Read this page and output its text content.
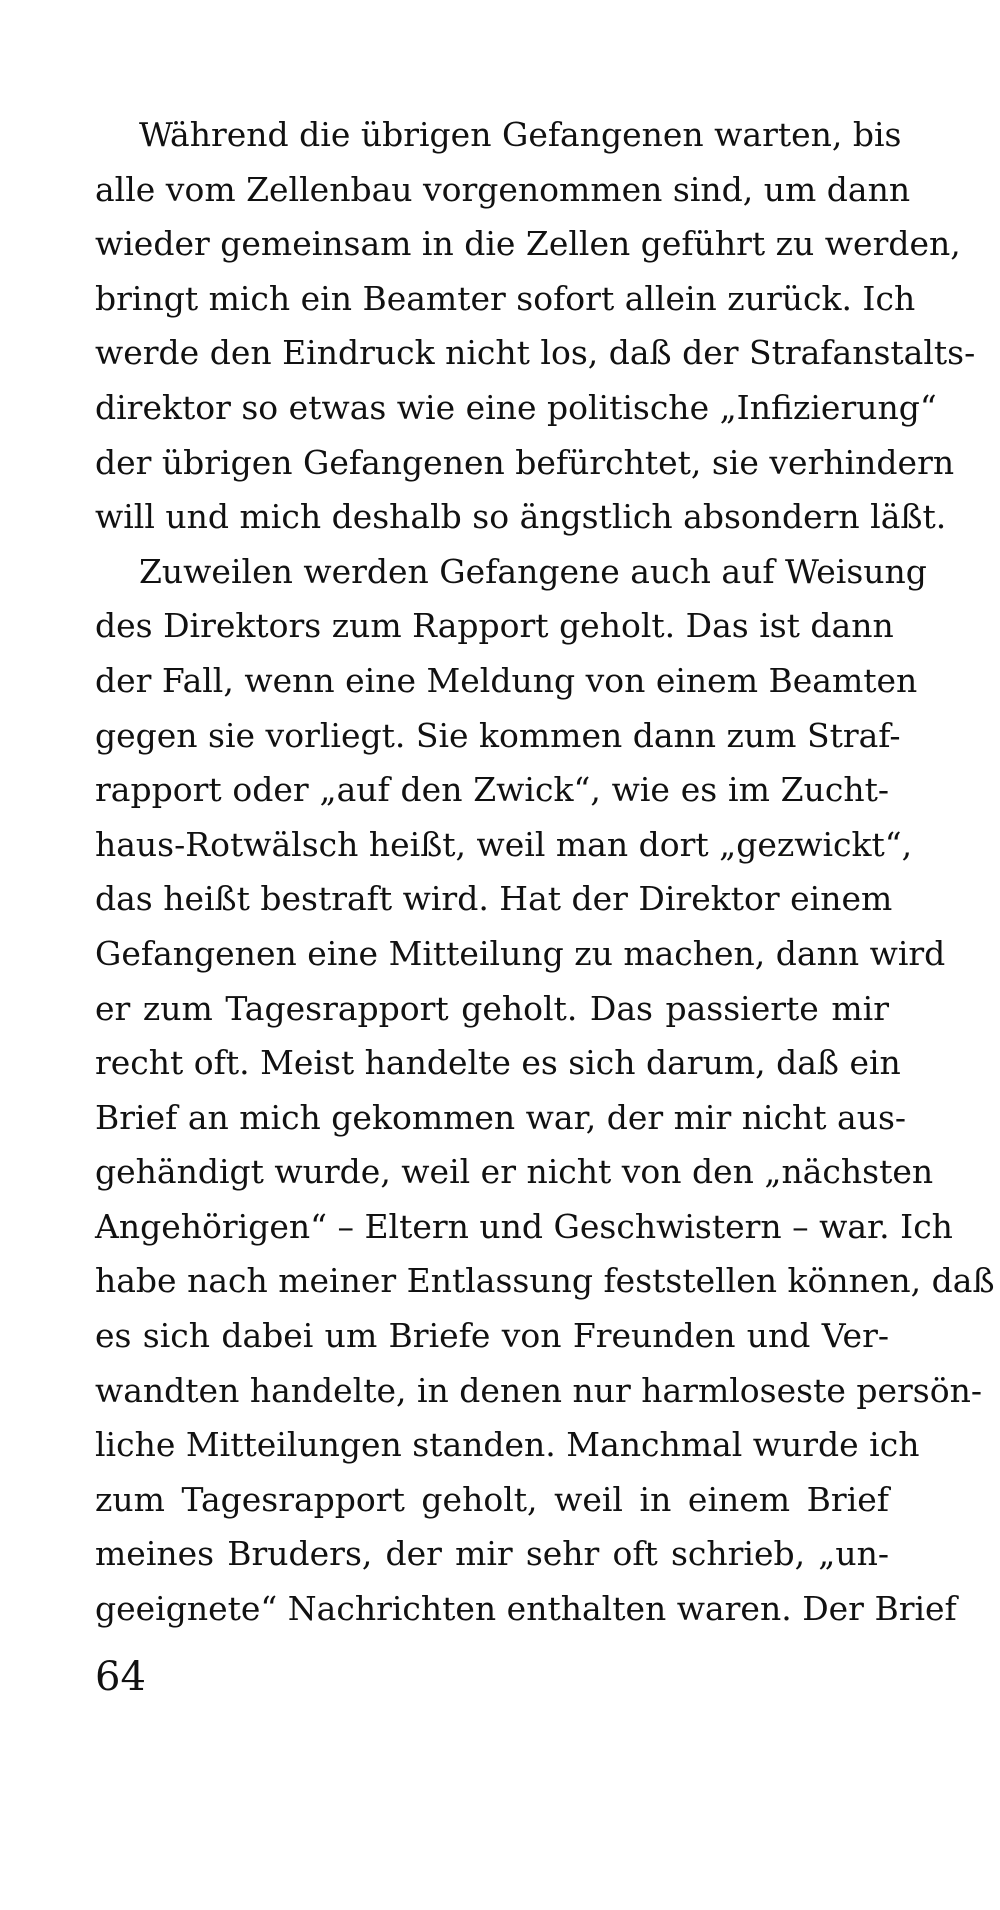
Während die übrigen Gefangenen warten, bis
alle vom Zellenbau vorgenommen sind, um dann
wieder gemeinsam in die Zellen geführt zu werden,
bringt mich ein Beamter sofort allein zurück. Ich
werde den Eindruck nicht los, daß der Strafanstalts-
direktor so etwas wie eine politische „Infizierung“
der übrigen Gefangenen befürchtet, sie verhindern
will und mich deshalb so ängstlich absondern läßt.
Zuweilen werden Gefangene auch auf Weisung
des Direktors zum Rapport geholt. Das ist dann
der Fall, wenn eine Meldung von einem Beamten
gegen sie vorliegt. Sie kommen dann zum Straf-
rapport oder „auf den Zwick“, wie es im Zucht-
haus-Rotwälsch heißt, weil man dort „gezwickt“,
das heißt bestraft wird. Hat der Direktor einem
Gefangenen eine Mitteilung zu machen, dann wird
er zum Tagesrapport geholt. Das passierte mir
recht oft. Meist handelte es sich darum, daß ein
Brief an mich gekommen war, der mir nicht aus-
gehändigt wurde, weil er nicht von den „nächsten
Angehörigen“ – Eltern und Geschwistern – war. Ich
habe nach meiner Entlassung feststellen können, daß
es sich dabei um Briefe von Freunden und Ver-
wandten handelte, in denen nur harmloseste persön-
liche Mitteilungen standen. Manchmal wurde ich
zum Tagesrapport geholt, weil in einem Brief
meines Bruders, der mir sehr oft schrieb, „un-
geeignete“ Nachrichten enthalten waren. Der Brief
64
